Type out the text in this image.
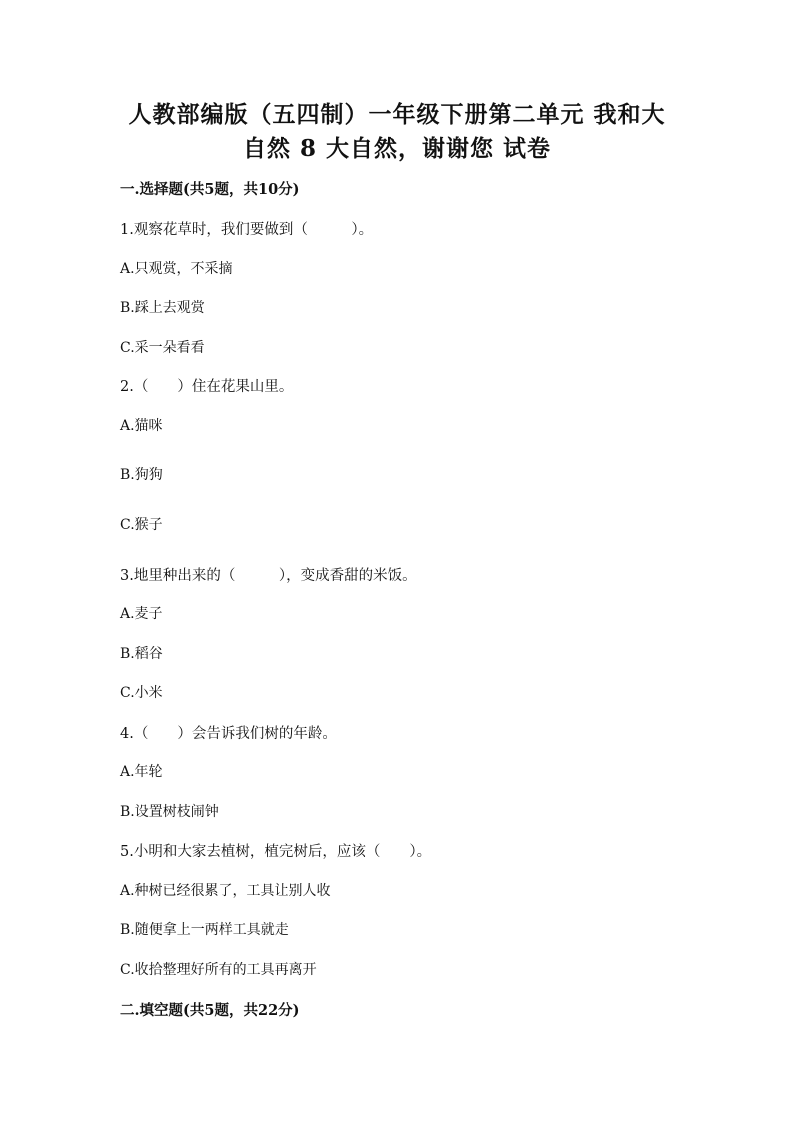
人教部编版（五四制）一年级下册第二单元 我和大
自然 8 大自然，谢谢您 试卷
一.选择题(共5题，共10分)
1.观察花草时，我们要做到（　　　）。
A.只观赏，不采摘
B.踩上去观赏
C.采一朵看看
2.（　　）住在花果山里。
A.猫咪
B.狗狗
C.猴子
3.地里种出来的（　　　），变成香甜的米饭。
A.麦子
B.稻谷
C.小米
4.（　　）会告诉我们树的年龄。
A.年轮
B.设置树枝闹钟
5.小明和大家去植树，植完树后，应该（　　）。
A.种树已经很累了，工具让别人收
B.随便拿上一两样工具就走
C.收拾整理好所有的工具再离开
二.填空题(共5题，共22分)
